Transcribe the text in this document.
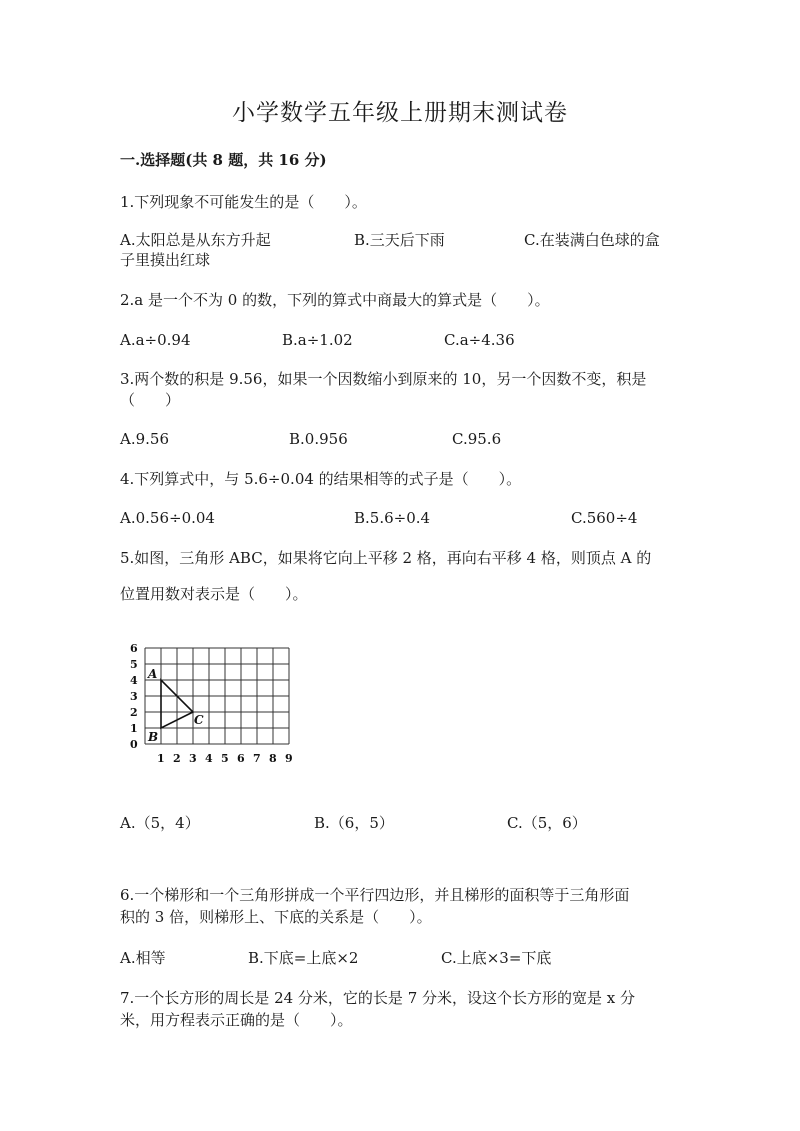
小学数学五年级上册期末测试卷
一.选择题(共 8 题，共 16 分)
1.下列现象不可能发生的是（　　）。
A.太阳总是从东方升起	B.三天后下雨	C.在装满白色球的盒
子里摸出红球
2.a 是一个不为 0 的数，下列的算式中商最大的算式是（　　）。
A.a÷0.94	B.a÷1.02	C.a÷4.36
3.两个数的积是 9.56，如果一个因数缩小到原来的 10，另一个因数不变，积是
（　　）
A.9.56	B.0.956	C.95.6
4.下列算式中，与 5.6÷0.04 的结果相等的式子是（　　）。
A.0.56÷0.04	B.5.6÷0.4	C.560÷4
5.如图，三角形 ABC，如果将它向上平移 2 格，再向右平移 4 格，则顶点 A 的
位置用数对表示是（　　）。
6
5
4
3
2
1
0
1 2 3 4 5 6 7 8 9
A
B
C
A.（5，4）	B.（6，5）	C.（5，6）
6.一个梯形和一个三角形拼成一个平行四边形，并且梯形的面积等于三角形面
积的 3 倍，则梯形上、下底的关系是（　　）。
A.相等	B.下底=上底×2	C.上底×3=下底
7.一个长方形的周长是 24 分米，它的长是 7 分米，设这个长方形的宽是 x 分
米，用方程表示正确的是（　　）。
